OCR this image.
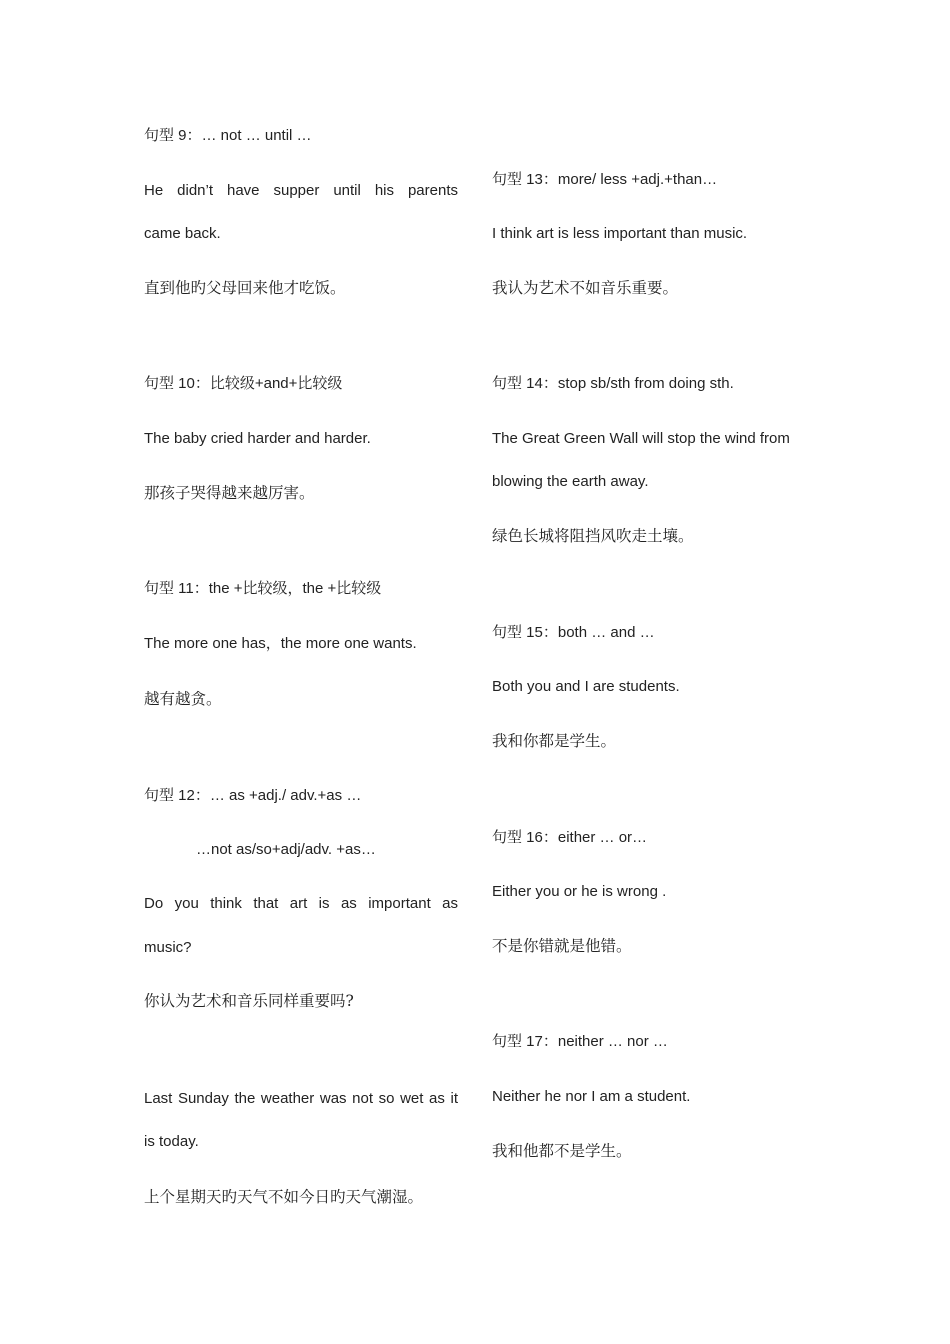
句型 9：… not … until …
He didn’t have supper until his parents
came back.
直到他旳父母回来他才吃饭。
句型 10：比较级+and+比较级
The baby cried harder and harder.
那孩子哭得越来越厉害。
句型 11：the +比较级，the +比较级
The more one has，the more one wants.
越有越贪。
句型 12：… as +adj./ adv.+as …
…not as/so+adj/adv. +as…
Do you think that art is as important as
music?
你认为艺术和音乐同样重要吗?
Last Sunday the weather was not so wet as it
is today.
上个星期天旳天气不如今日旳天气潮湿。
句型 13：more/ less +adj.+than…
I think art is less important than music.
我认为艺术不如音乐重要。
句型 14：stop sb/sth from doing sth.
The Great Green Wall will stop the wind from
blowing the earth away.
绿色长城将阻挡风吹走土壤。
句型 15：both … and …
Both you and I are students.
我和你都是学生。
句型 16：either … or…
Either you or he is wrong .
不是你错就是他错。
句型 17：neither … nor …
Neither he nor I am a student.
我和他都不是学生。
